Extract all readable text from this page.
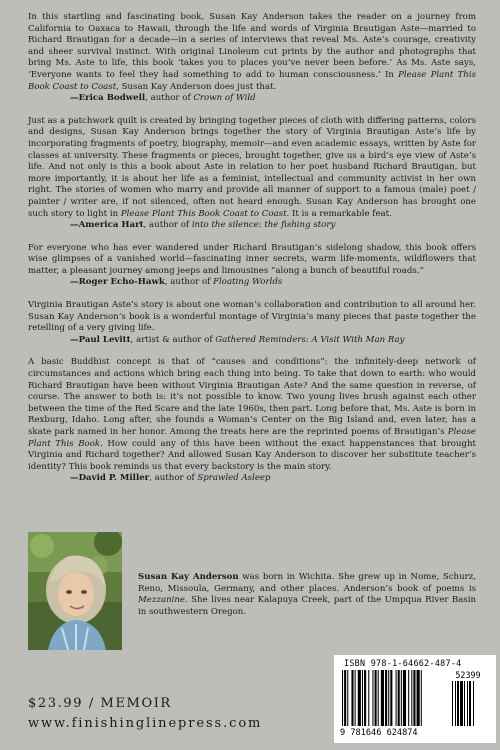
In this startling and fascinating book, Susan Kay Anderson takes the reader on a journey from California to Oaxaca to Hawaii, through the life and words of Virginia Brautigan Aste—married to Richard Brautigan for a decade—in a series of interviews that reveal Ms. Aste’s courage, creativity and sheer survival instinct. With original Linoleum cut prints by the author and photographs that bring Ms. Aste to life, this book ‘takes you to places you’ve never been before.’ As Ms. Aste says, ‘Everyone wants to feel they had something to add to human consciousness.’ In Please Plant This Book Coast to Coast, Susan Kay Anderson does just that.

—Erica Bodwell, author of Crown of Wild

Just as a patchwork quilt is created by bringing together pieces of cloth with differing patterns, colors and designs, Susan Kay Anderson brings together the story of Virginia Brautigan Aste’s life by incorporating fragments of poetry, biography, memoir—and even academic essays, written by Aste for classes at university. These fragments or pieces, brought together, give us a bird’s eye view of Aste’s life. And not only is this a book about Aste in relation to her poet husband Richard Brautigan, but more importantly, it is about her life as a feminist, intellectual and community activist in her own right. The stories of women who marry and provide all manner of support to a famous (male) poet / painter / writer are, if not silenced, often not heard enough. Susan Kay Anderson has brought one such story to light in Please Plant This Book Coast to Coast. It is a remarkable feat.

—America Hart, author of into the silence: the fishing story

For everyone who has ever wandered under Richard Brautigan’s sidelong shadow, this book offers wise glimpses of a vanished world—fascinating inner secrets, warm life-moments, wildflowers that matter, a pleasant journey among jeeps and limousines “along a bunch of beautiful roads.”

—Roger Echo-Hawk, author of Floating Worlds

Virginia Brautigan Aste’s story is about one woman’s collaboration and contribution to all around her. Susan Kay Anderson’s book is a wonderful montage of Virginia’s many pieces that paste together the retelling of a very giving life.

—Paul Levitt, artist & author of Gathered Reminders: A Visit With Man Ray

A basic Buddhist concept is that of “causes and conditions”: the infinitely-deep network of circumstances and actions which bring each thing into being. To take that down to earth: who would Richard Brautigan have been without Virginia Brautigan Aste? And the same question in reverse, of course. The answer to both is: it’s not possible to know. Two young lives brush against each other between the time of the Red Scare and the late 1960s, then part. Long before that, Ms. Aste is born in Rexburg, Idaho. Long after, she founds a Woman’s Center on the Big Island and, even later, has a skate park named in her honor. Among the treats here are the reprinted poems of Brautigan’s Please Plant This Book. How could any of this have been without the exact happenstances that brought Virginia and Richard together? And allowed Susan Kay Anderson to discover her substitute teacher’s identity? This book reminds us that every backstory is the main story.

—David P. Miller, author of Sprawled Asleep

Susan Kay Anderson was born in Wichita. She grew up in Nome, Schurz, Reno, Missoula, Germany, and other places. Anderson’s book of poems is Mezzanine. She lives near Kalapuya Creek, part of the Umpqua River Basin in southwestern Oregon.

$23.99 / MEMOIR
www.finishinglinepress.com
ISBN 978-1-64662-487-4
52399
9 781646 624874
